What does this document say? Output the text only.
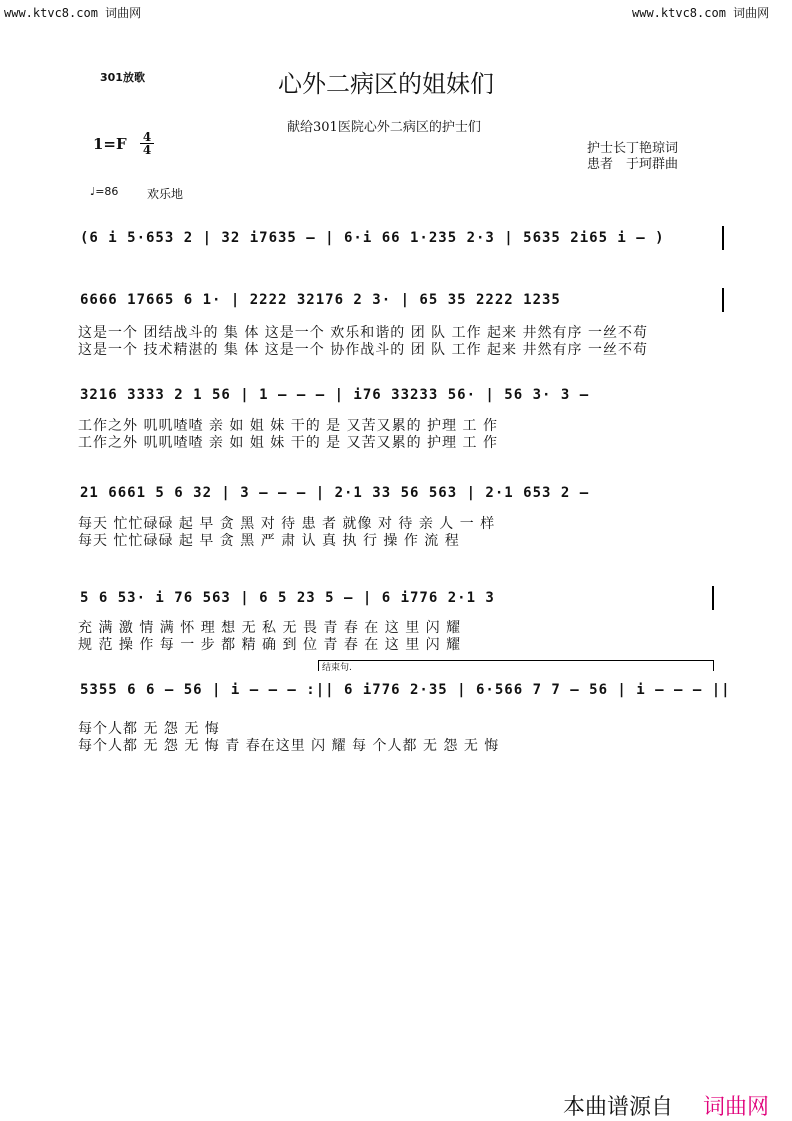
www.ktvc8.com 词曲网	www.ktvc8.com 词曲网
301放歌	心外二病区的姐妹们
献给301医院心外二病区的护士们
1=F 4
4	护士长丁艳琼词
患者　于珂群曲
♩=86 欢乐地
(6 i 5·653 2 | 32 i7635 – | 6·i 66 1·235 2·3 | 5635 2i65 i – )
6666 17665 6 1· | 2222 32176 2 3· | 65 35 2222 1235
这是一个 团结战斗的 集 体 这是一个 欢乐和谐的 团 队 工作 起来 井然有序 一丝不苟
这是一个 技术精湛的 集 体 这是一个 协作战斗的 团 队 工作 起来 井然有序 一丝不苟
3216 3333 2 1 56 | 1 – – – | i76 33233 56· | 56 3· 3 –
工作之外 叽叽喳喳 亲 如 姐 妹 干的 是 又苦又累的 护理 工 作
工作之外 叽叽喳喳 亲 如 姐 妹 干的 是 又苦又累的 护理 工 作
21 6661 5 6 32 | 3 – – – | 2·1 33 56 563 | 2·1 653 2 –
每天 忙忙碌碌 起 早 贪 黑 对 待 患 者 就像 对 待 亲 人 一 样
每天 忙忙碌碌 起 早 贪 黑 严 肃 认 真 执 行 操 作 流 程
5 6 53· i 76 563 | 6 5 23 5 – | 6 i776 2·1 3
充 满 激 情 满 怀 理 想 无 私 无 畏 青 春 在 这 里 闪 耀
规 范 操 作 每 一 步 都 精 确 到 位 青 春 在 这 里 闪 耀
结束句.
5355 6 6 – 56 | i – – – :|| 6 i776 2·35 | 6·566 7 7 – 56 | i – – – ||
每个人都 无 怨 无 悔
每个人都 无 怨 无 悔 青 春在这里 闪 耀 每 个人都 无 怨 无 悔
本曲谱源自 词曲网
